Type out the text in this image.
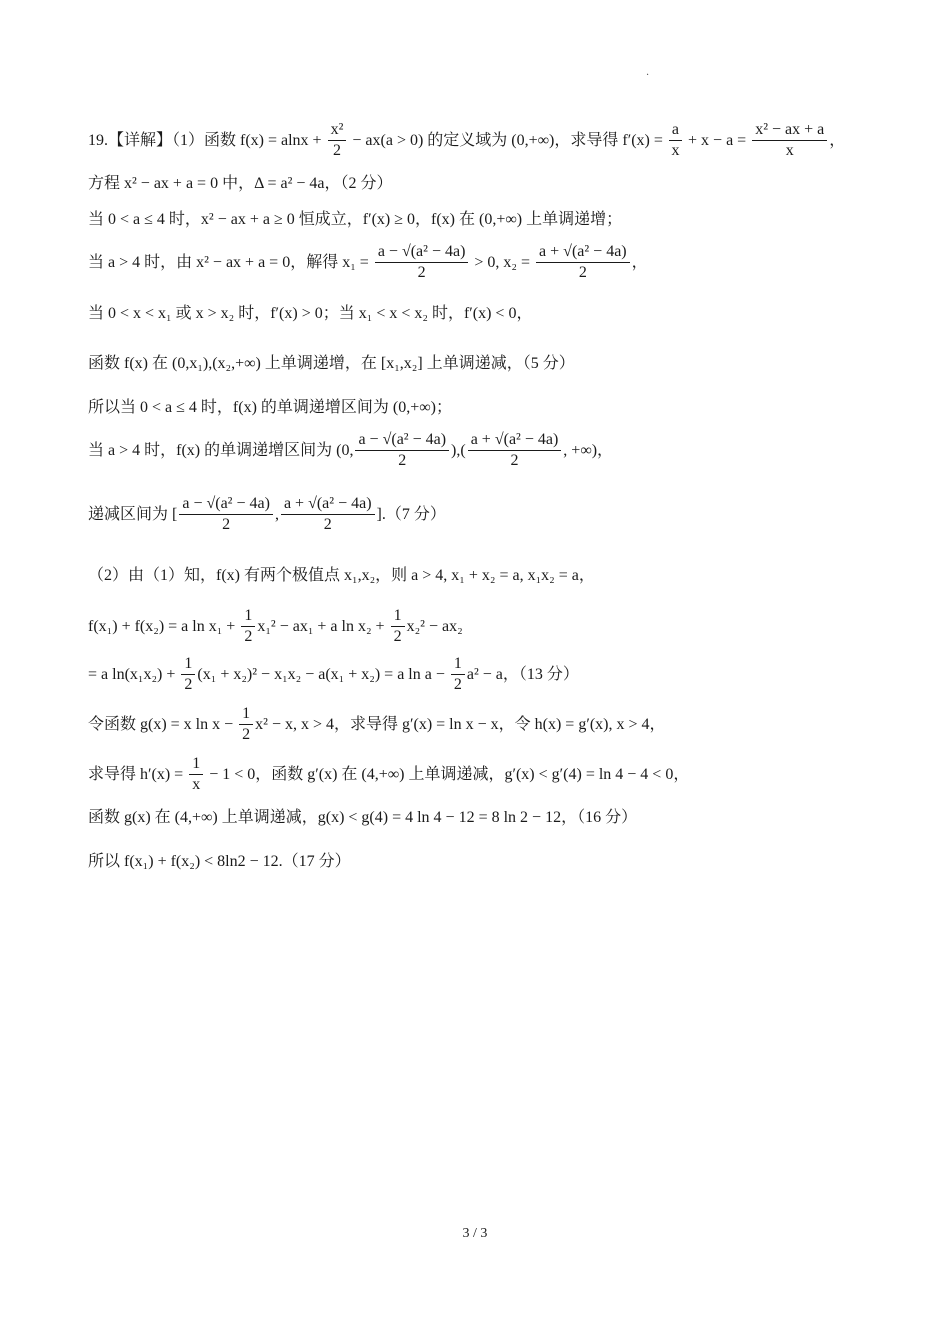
·
19.【详解】（1）函数 $f(x) = alnx + \frac{\text{x²}}{2} - ax(a > 0)$ 的定义域为 (0,+∞)，求导得 $f'(x) = \frac{a}{x} + x - a = \frac{\text{x² − ax + a}}{x}$ ，
方程 x² − ax + a = 0 中，Δ = a² − 4a，（2 分）
当 0 < a ≤ 4 时，x² − ax + a ≥ 0 恒成立，f′(x) ≥ 0，f(x) 在 (0,+∞) 上单调递增；
当 a > 4 时，由 x² − ax + a = 0，解得 $x_1 = \frac{\text{a − √(a² − 4a)}}{2} > 0$, $x_2 = \frac{\text{a + √(a² − 4a)}}{2}$ ，
当 0 < x < x₁ 或 x > x₂ 时，f′(x) > 0；当 x₁ < x < x₂ 时，f′(x) < 0，
函数 f(x) 在 (0,x₁),(x₂,+∞) 上单调递增，在 [x₁,x₂] 上单调递减，（5 分）
所以当 0 < a ≤ 4 时，f(x) 的单调递增区间为 (0,+∞)；
当 a > 4 时，f(x) 的单调递增区间为 (0, $\frac{\text{a − √(a² − 4a)}}{2}$ ),( $\frac{\text{a + √(a² − 4a)}}{2}$ , +∞)，
递减区间为 [ $\frac{\text{a − √(a² − 4a)}}{2}$ , $\frac{\text{a + √(a² − 4a)}}{2} ].(7$ 分）
（2）由（1）知，f(x) 有两个极值点 x₁,x₂，则 a > 4, x₁ + x₂ = a, x₁x₂ = a，
f(x₁) + f(x₂) = a $\ln x_1 + \frac{1}{2} x_1^2 - ax_1 + a$ $\ln x_2 + \frac{1}{2} x_2^2 - ax_2$
= a $\ln(x_1x_2) + \frac{1}{2} (x_1 + x_2)^2 - x_1x_2 - a(x_1 + x_2) = a$ $\ln a - \frac{1}{2} a^2 - a$，（13 分）
令函数 g(x) = x $\ln x - \frac{1}{2} x^2 - x$, x > 4，求导得 g′(x) = ln x − x，令 h(x) = g′(x), x > 4，
求导得 $h'(x) = \frac{1}{x} - 1 < 0$，函数 g′(x) 在 (4,+∞) 上单调递减，g′(x) < g′(4) = ln 4 − 4 < 0，
函数 g(x) 在 (4,+∞) 上单调递减，g(x) < g(4) = 4 ln 4 − 12 = 8 ln 2 − 12，（16 分）
所以 f(x₁) + f(x₂) < 8ln2 − 12.（17 分）
3 / 3
